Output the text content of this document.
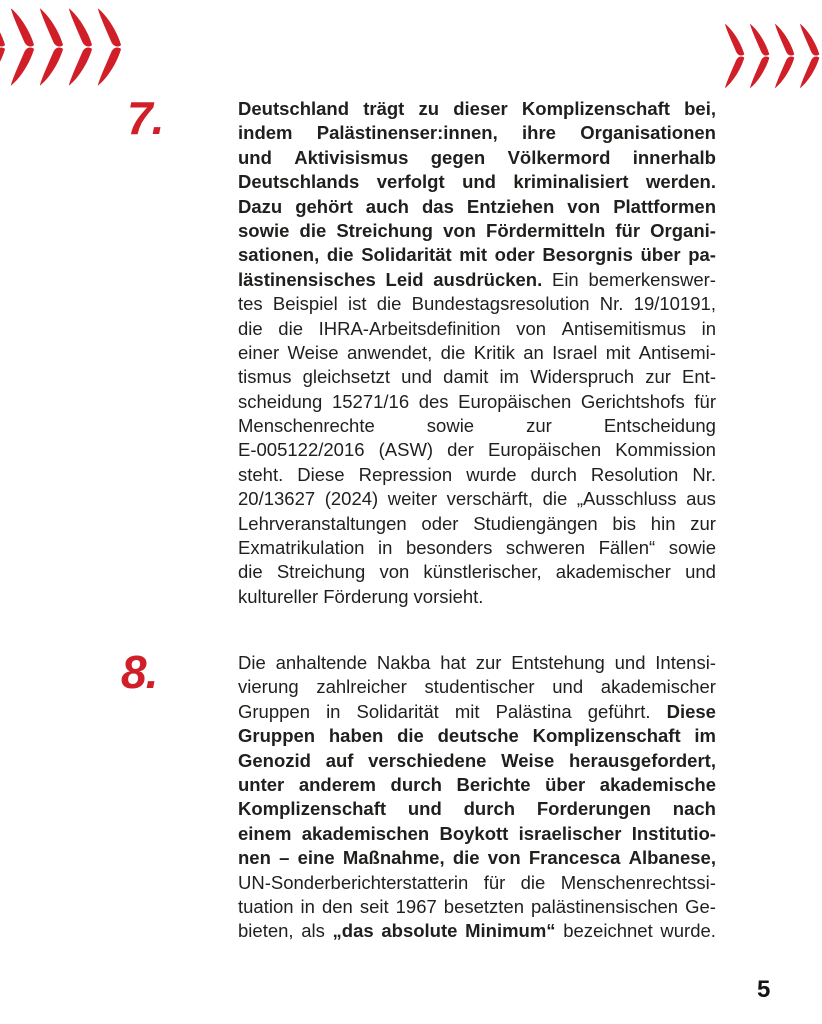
7.	Deutschland trägt zu dieser Komplizenschaft bei,
indem Palästinenser:innen, ihre Organisationen
und Aktivisismus gegen Völkermord innerhalb
Deutschlands verfolgt und kriminalisiert werden.
Dazu gehört auch das Entziehen von Plattformen
sowie die Streichung von Fördermitteln für Organi-
sationen, die Solidarität mit oder Besorgnis über pa-
lästinensisches Leid ausdrücken. Ein bemerkenswer-
tes Beispiel ist die Bundestagsresolution Nr. 19/10191,
die die IHRA-Arbeitsdefinition von Antisemitismus in
einer Weise anwendet, die Kritik an Israel mit Antisemi-
tismus gleichsetzt und damit im Widerspruch zur Ent-
scheidung 15271/16 des Europäischen Gerichtshofs für
Menschenrechte	sowie	zur	Entscheidung
E-005122/2016 (ASW) der Europäischen Kommission
steht. Diese Repression wurde durch Resolution Nr.
20/13627 (2024) weiter verschärft, die „Ausschluss aus
Lehrveranstaltungen oder Studiengängen bis hin zur
Exmatrikulation in besonders schweren Fällen“ sowie
die Streichung von künstlerischer, akademischer und
kultureller Förderung vorsieht.
8.	Die anhaltende Nakba hat zur Entstehung und Intensi-
vierung zahlreicher studentischer und akademischer
Gruppen in Solidarität mit Palästina geführt. Diese
Gruppen haben die deutsche Komplizenschaft im
Genozid auf verschiedene Weise herausgefordert,
unter anderem durch Berichte über akademische
Komplizenschaft und durch Forderungen nach
einem akademischen Boykott israelischer Institutio-
nen – eine Maßnahme, die von Francesca Albanese,
UN-Sonderberichterstatterin für die Menschenrechtssi-
tuation in den seit 1967 besetzten palästinensischen Ge-
bieten, als „das absolute Minimum“ bezeichnet wurde.
5
